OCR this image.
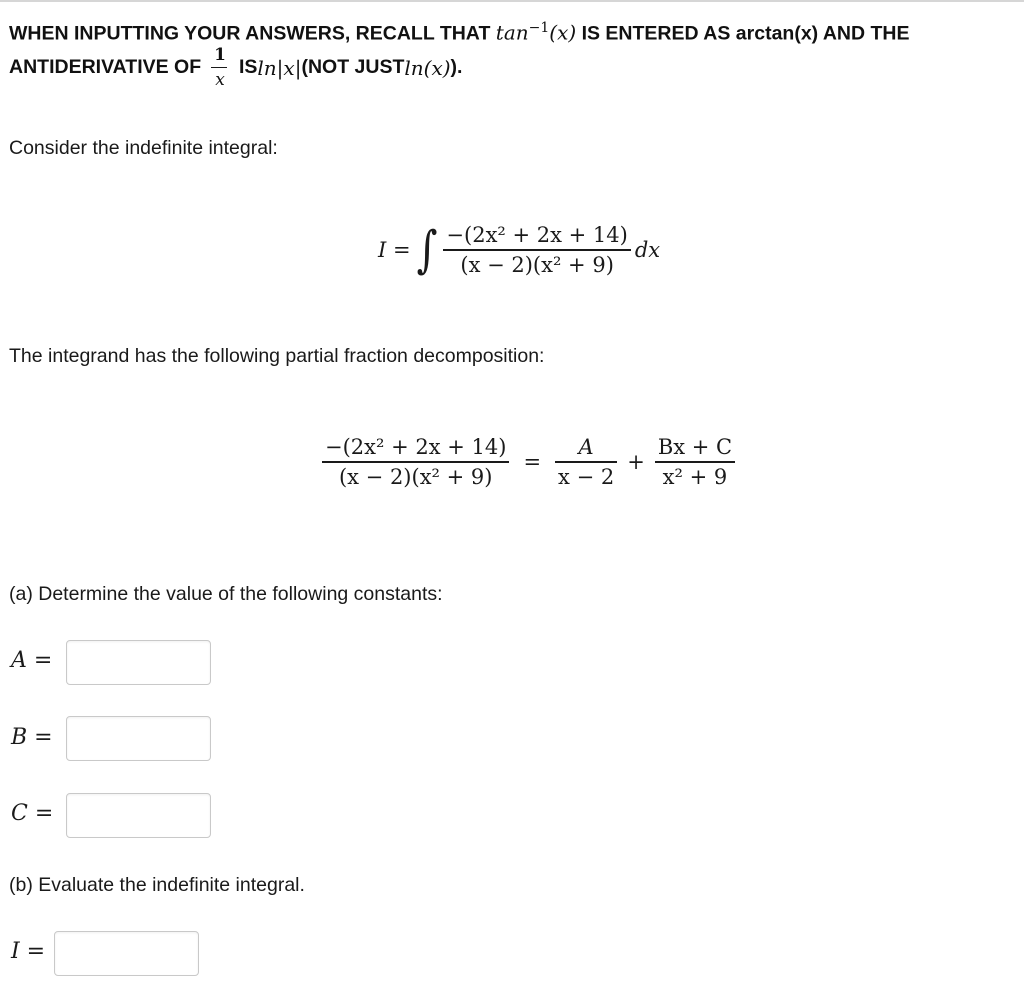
WHEN INPUTTING YOUR ANSWERS, RECALL THAT $\tan^{-1}(x)$ IS ENTERED AS arctan(x) AND THE
ANTIDERIVATIVE OF $\frac{1}{x}$ IS ln|x| (NOT JUST ln(x) ).
Consider the indefinite integral:
I = ∫ $\frac{\text{−(2x² + 2x + 14)}}{\text{(x − 2)(x² + 9)}}$ dx
The integrand has the following partial fraction decomposition:
$\frac{\text{−(2x² + 2x + 14)}}{\text{(x − 2)(x² + 9)}} = \frac{A}{x - 2} + \frac{Bx + C}{\text{x² + 9}}$
(a) Determine the value of the following constants:
A =
B =
C =
(b) Evaluate the indefinite integral.
I =
